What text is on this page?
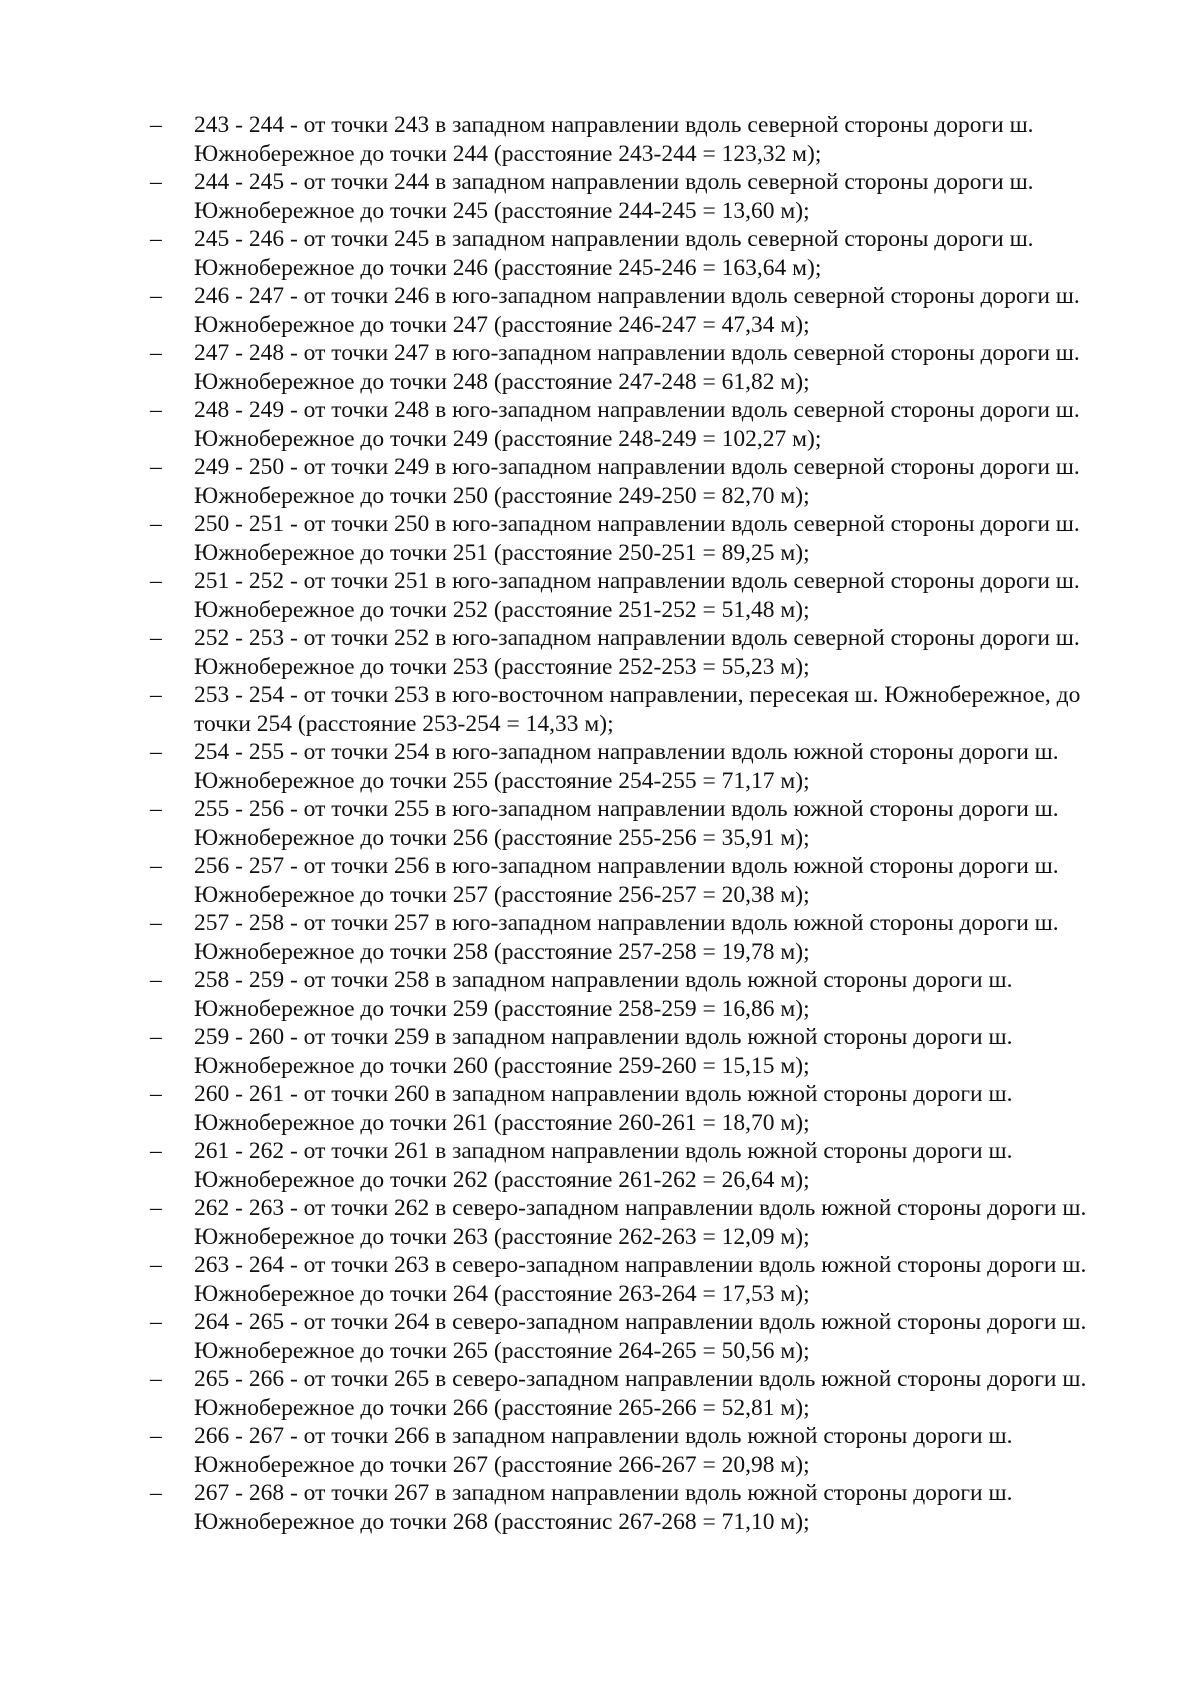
–	243 - 244 - от точки 243 в западном направлении вдоль северной стороны дороги ш.
Южнобережное до точки 244 (расстояние 243-244 = 123,32 м);
–	244 - 245 - от точки 244 в западном направлении вдоль северной стороны дороги ш.
Южнобережное до точки 245 (расстояние 244-245 = 13,60 м);
–	245 - 246 - от точки 245 в западном направлении вдоль северной стороны дороги ш.
Южнобережное до точки 246 (расстояние 245-246 = 163,64 м);
–	246 - 247 - от точки 246 в юго-западном направлении вдоль северной стороны дороги ш.
Южнобережное до точки 247 (расстояние 246-247 = 47,34 м);
–	247 - 248 - от точки 247 в юго-западном направлении вдоль северной стороны дороги ш.
Южнобережное до точки 248 (расстояние 247-248 = 61,82 м);
–	248 - 249 - от точки 248 в юго-западном направлении вдоль северной стороны дороги ш.
Южнобережное до точки 249 (расстояние 248-249 = 102,27 м);
–	249 - 250 - от точки 249 в юго-западном направлении вдоль северной стороны дороги ш.
Южнобережное до точки 250 (расстояние 249-250 = 82,70 м);
–	250 - 251 - от точки 250 в юго-западном направлении вдоль северной стороны дороги ш.
Южнобережное до точки 251 (расстояние 250-251 = 89,25 м);
–	251 - 252 - от точки 251 в юго-западном направлении вдоль северной стороны дороги ш.
Южнобережное до точки 252 (расстояние 251-252 = 51,48 м);
–	252 - 253 - от точки 252 в юго-западном направлении вдоль северной стороны дороги ш.
Южнобережное до точки 253 (расстояние 252-253 = 55,23 м);
–	253 - 254 - от точки 253 в юго-восточном направлении, пересекая ш. Южнобережное, до
точки 254 (расстояние 253-254 = 14,33 м);
–	254 - 255 - от точки 254 в юго-западном направлении вдоль южной стороны дороги ш.
Южнобережное до точки 255 (расстояние 254-255 = 71,17 м);
–	255 - 256 - от точки 255 в юго-западном направлении вдоль южной стороны дороги ш.
Южнобережное до точки 256 (расстояние 255-256 = 35,91 м);
–	256 - 257 - от точки 256 в юго-западном направлении вдоль южной стороны дороги ш.
Южнобережное до точки 257 (расстояние 256-257 = 20,38 м);
–	257 - 258 - от точки 257 в юго-западном направлении вдоль южной стороны дороги ш.
Южнобережное до точки 258 (расстояние 257-258 = 19,78 м);
–	258 - 259 - от точки 258 в западном направлении вдоль южной стороны дороги ш.
Южнобережное до точки 259 (расстояние 258-259 = 16,86 м);
–	259 - 260 - от точки 259 в западном направлении вдоль южной стороны дороги ш.
Южнобережное до точки 260 (расстояние 259-260 = 15,15 м);
–	260 - 261 - от точки 260 в западном направлении вдоль южной стороны дороги ш.
Южнобережное до точки 261 (расстояние 260-261 = 18,70 м);
–	261 - 262 - от точки 261 в западном направлении вдоль южной стороны дороги ш.
Южнобережное до точки 262 (расстояние 261-262 = 26,64 м);
–	262 - 263 - от точки 262 в северо-западном направлении вдоль южной стороны дороги ш.
Южнобережное до точки 263 (расстояние 262-263 = 12,09 м);
–	263 - 264 - от точки 263 в северо-западном направлении вдоль южной стороны дороги ш.
Южнобережное до точки 264 (расстояние 263-264 = 17,53 м);
–	264 - 265 - от точки 264 в северо-западном направлении вдоль южной стороны дороги ш.
Южнобережное до точки 265 (расстояние 264-265 = 50,56 м);
–	265 - 266 - от точки 265 в северо-западном направлении вдоль южной стороны дороги ш.
Южнобережное до точки 266 (расстояние 265-266 = 52,81 м);
–	266 - 267 - от точки 266 в западном направлении вдоль южной стороны дороги ш.
Южнобережное до точки 267 (расстояние 266-267 = 20,98 м);
–	267 - 268 - от точки 267 в западном направлении вдоль южной стороны дороги ш.
Южнобережное до точки 268 (расстоянис 267-268 = 71,10 м);
